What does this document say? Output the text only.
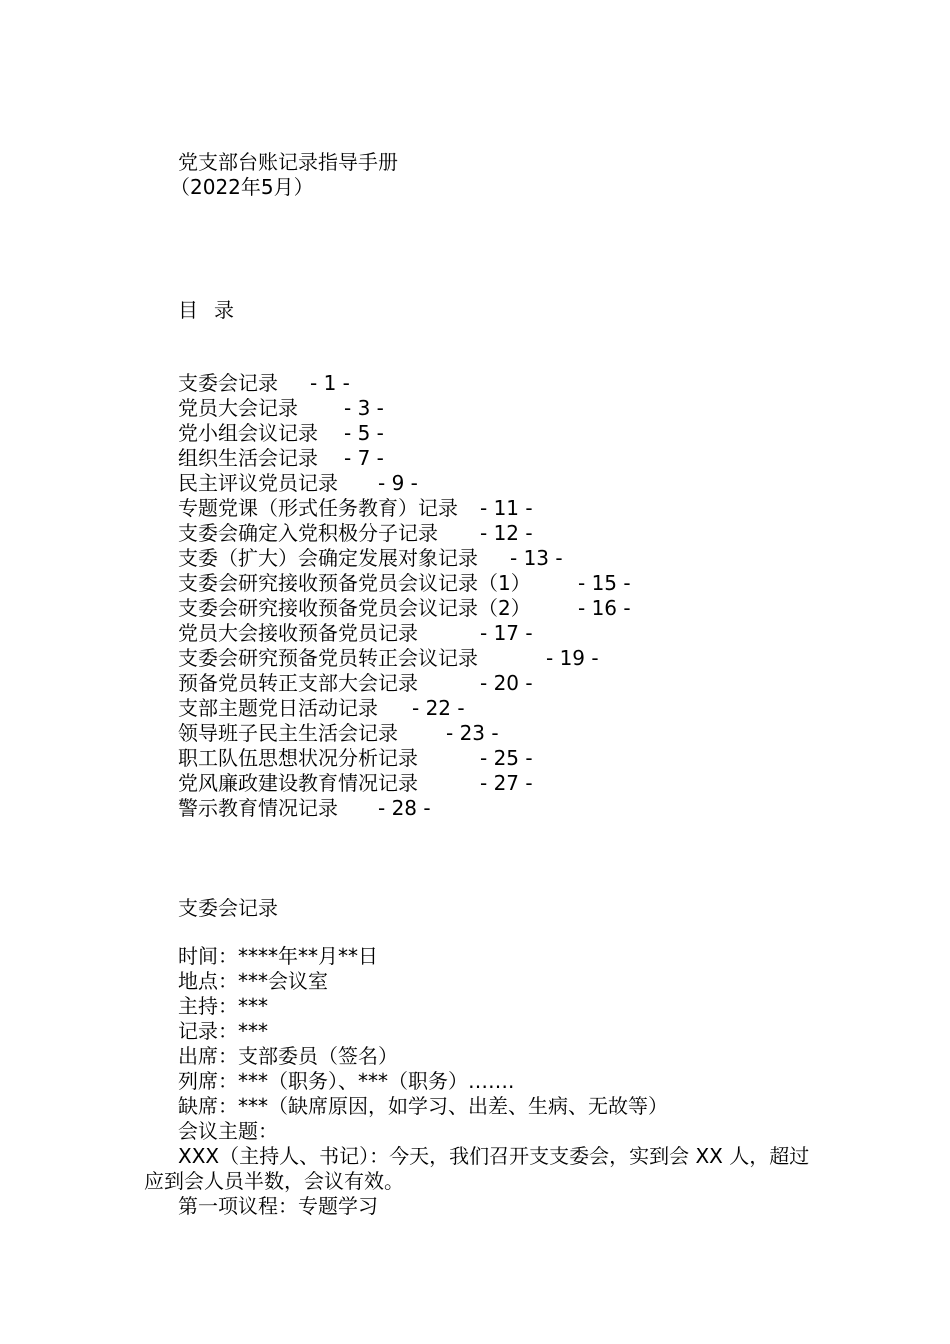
党支部台账记录指导手册
（2022年5月）
目 录
支委会记录	- 1 -
党员大会记录	- 3 -
党小组会议记录	- 5 -
组织生活会记录	- 7 -
民主评议党员记录	- 9 -
专题党课（形式任务教育）记录	- 11 -
支委会确定入党积极分子记录	- 12 -
支委（扩大）会确定发展对象记录	- 13 -
支委会研究接收预备党员会议记录（1）	- 15 -
支委会研究接收预备党员会议记录（2）	- 16 -
党员大会接收预备党员记录	- 17 -
支委会研究预备党员转正会议记录	- 19 -
预备党员转正支部大会记录	- 20 -
支部主题党日活动记录	- 22 -
领导班子民主生活会记录	- 23 -
职工队伍思想状况分析记录	- 25 -
党风廉政建设教育情况记录	- 27 -
警示教育情况记录	- 28 -
支委会记录
时间：****年**月**日
地点：***会议室
主持：***
记录：***
出席：支部委员（签名）
列席：***（职务）、***（职务）…….
缺席：***（缺席原因，如学习、出差、生病、无故等）
会议主题：
XXX（主持人、书记）：今天，我们召开支支委会，实到会 XX 人，超过
应到会人员半数，会议有效。
第一项议程：专题学习
